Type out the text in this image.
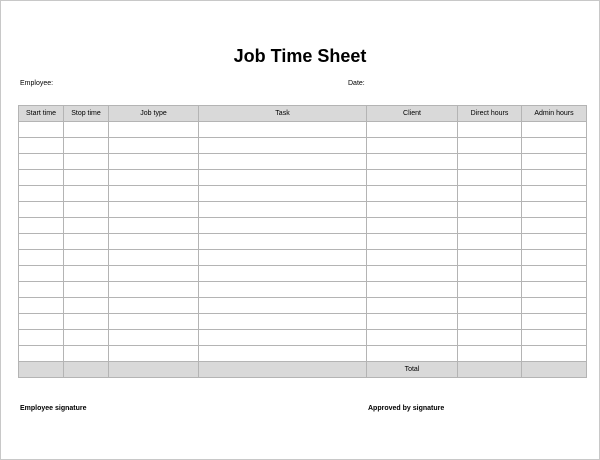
Job Time Sheet
Employee:	Date:
Start time	Stop time	Job type	Task	Client	Direct hours	Admin hours

				Total		
Employee signature	Approved by signature
